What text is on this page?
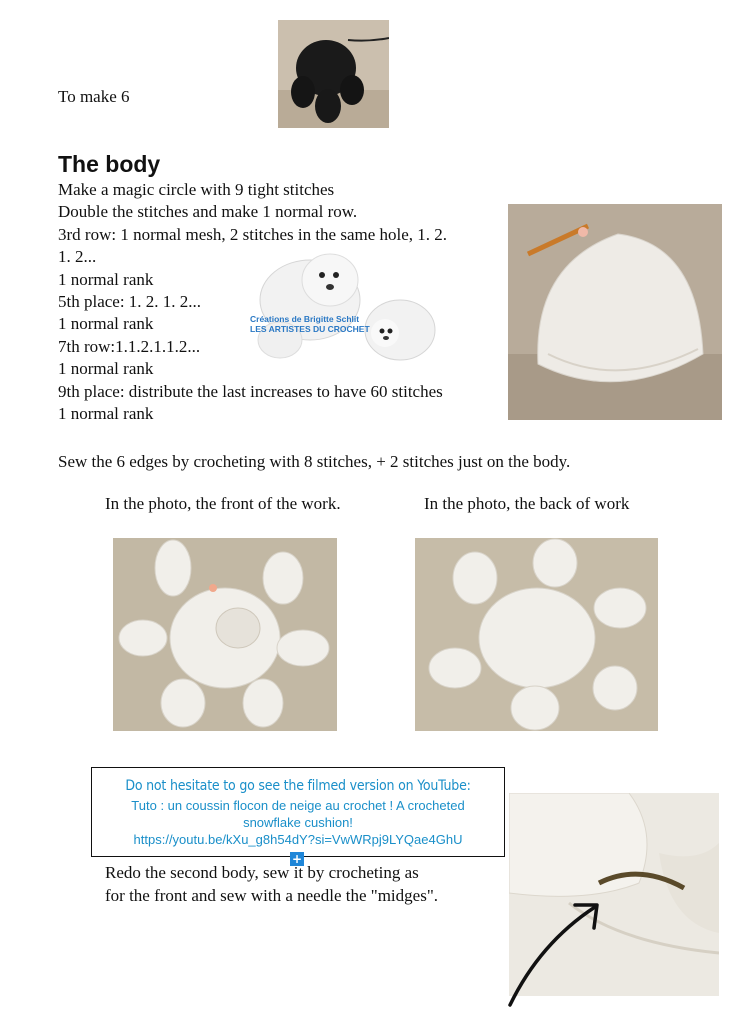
To make 6
The body
Make a magic circle with 9 tight stitches
Double the stitches and make 1 normal row.
3rd row: 1 normal mesh, 2 stitches in the same hole, 1. 2.
1. 2...
1 normal rank
5th place: 1. 2. 1. 2...
1 normal rank
7th row:1.1.2.1.1.2...
1 normal rank
9th place: distribute the last increases to have 60 stitches
1 normal rank
Créations de Brigitte Schlit
LES ARTISTES DU CROCHET
Sew the 6 edges by crocheting with 8 stitches, + 2 stitches just on the body.
In the photo, the front of the work.	In the photo, the back of work
Do not hesitate to go see the filmed version on YouTube:
Tuto : un coussin flocon de neige au crochet ! A crocheted snowflake cushion!
https://youtu.be/kXu_g8h54dY?si=VwWRpj9LYQae4GhU
+
Redo the second body, sew it by crocheting as
for the front and sew with a needle the "midges".
